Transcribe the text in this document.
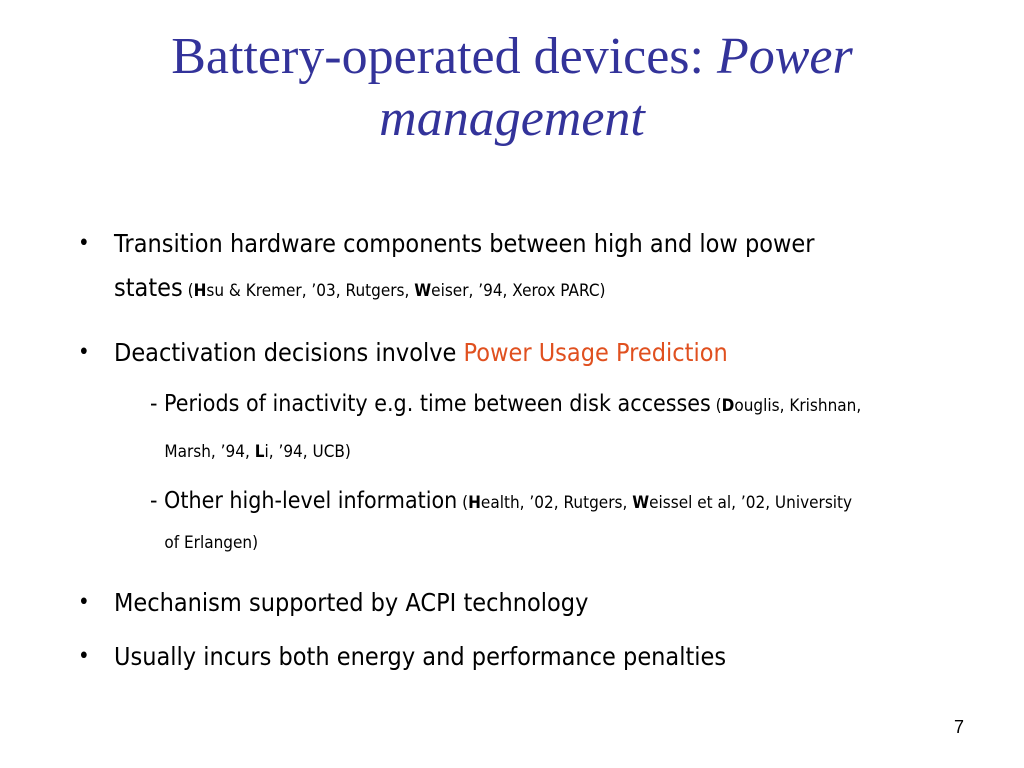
Battery-operated devices: Power
management
• Transition hardware components between high and low power
states (Hsu & Kremer, ’03, Rutgers, Weiser, ’94, Xerox PARC)
• Deactivation decisions involve Power Usage Prediction
- Periods of inactivity e.g. time between disk accesses (Douglis, Krishnan,
Marsh, ’94, Li, ’94, UCB)
- Other high-level information (Health, ’02, Rutgers, Weissel et al, ’02, University
of Erlangen)
• Mechanism supported by ACPI technology
• Usually incurs both energy and performance penalties
7
